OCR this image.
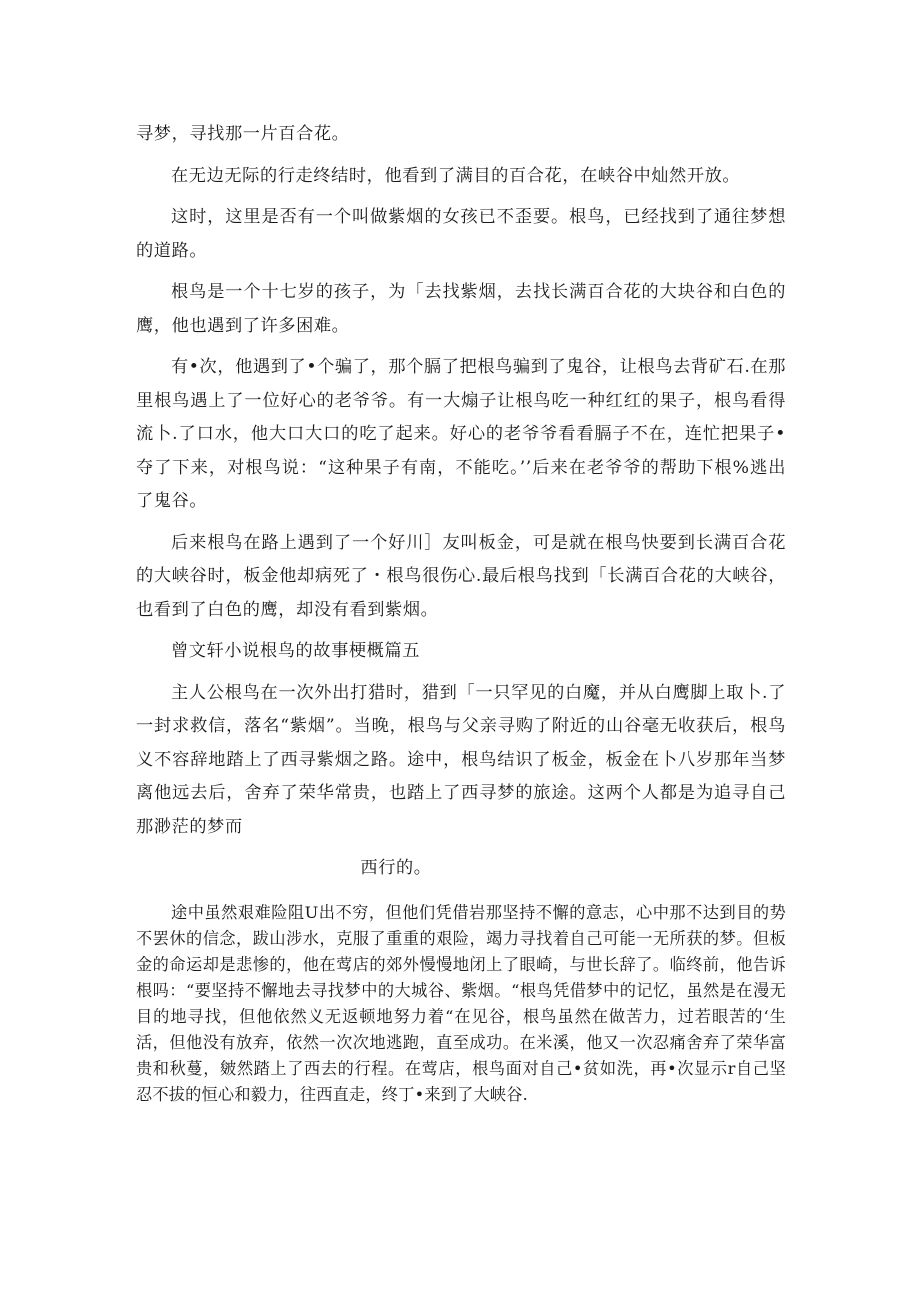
寻梦，寻找那一片百合花。

在无边无际的行走终结时，他看到了满目的百合花，在峡谷中灿然开放。

这时，这里是否有一个叫做紫烟的女孩已不歪要。根鸟，已经找到了通往梦想的道路。

根鸟是一个十七岁的孩子，为「去找紫烟，去找长满百合花的大块谷和白色的鹰，他也遇到了许多困难。

有•次，他遇到了•个骗了，那个膈了把根鸟骗到了鬼谷，让根鸟去背矿石.在那里根鸟遇上了一位好心的老爷爷。有一大煽子让根鸟吃一种红红的果子，根鸟看得流卜.了口水，他大口大口的吃了起来。好心的老爷爷看看膈子不在，连忙把果子•夺了下来，对根鸟说：“这种果子有南，不能吃。’’后来在老爷爷的帮助下根%逃出了鬼谷。

后来根鸟在路上遇到了一个好川］友叫板金，可是就在根鸟快要到长满百合花的大峡谷时，板金他却病死了・根鸟很伤心.最后根鸟找到「长满百合花的大峡谷，也看到了白色的鹰，却没有看到紫烟。

曾文轩小说根鸟的故事梗概篇五

主人公根鸟在一次外出打猎时，猎到「一只罕见的白魔，并从白鹰脚上取卜.了一封求救信，落名“紫烟”。当晚，根鸟与父亲寻购了附近的山谷毫无收获后，根鸟义不容辞地踏上了西寻紫烟之路。途中，根鸟结识了板金，板金在卜八岁那年当梦离他远去后，舍弃了荣华常贵，也踏上了西寻梦的旅途。这两个人都是为追寻自己那渺茫的梦而

西行的。

途中虽然艰难险阻U出不穷，但他们凭借岩那坚持不懈的意志，心中那不达到目的势不罢休的信念，跋山涉水，克服了重重的艰险，竭力寻找着自己可能一无所获的梦。但板金的命运却是悲惨的，他在莺店的郊外慢慢地闭上了眼崎，与世长辞了。临终前，他告诉根吗：“要坚持不懈地去寻找梦中的大城谷、紫烟。“根鸟凭借梦中的记忆，虽然是在漫无目的地寻找，但他依然义无返顿地努力着“在见谷，根鸟虽然在做苦力，过若眼苦的‘生活，但他没有放弃，依然一次次地逃跑，直至成功。在米溪，他又一次忍痛舍弃了荣华富贵和秋蔓，皴然踏上了西去的行程。在莺店，根鸟面对自己•贫如洗，再•次显示r自己坚忍不拔的恒心和毅力，往西直走，终丁•来到了大峡谷.
